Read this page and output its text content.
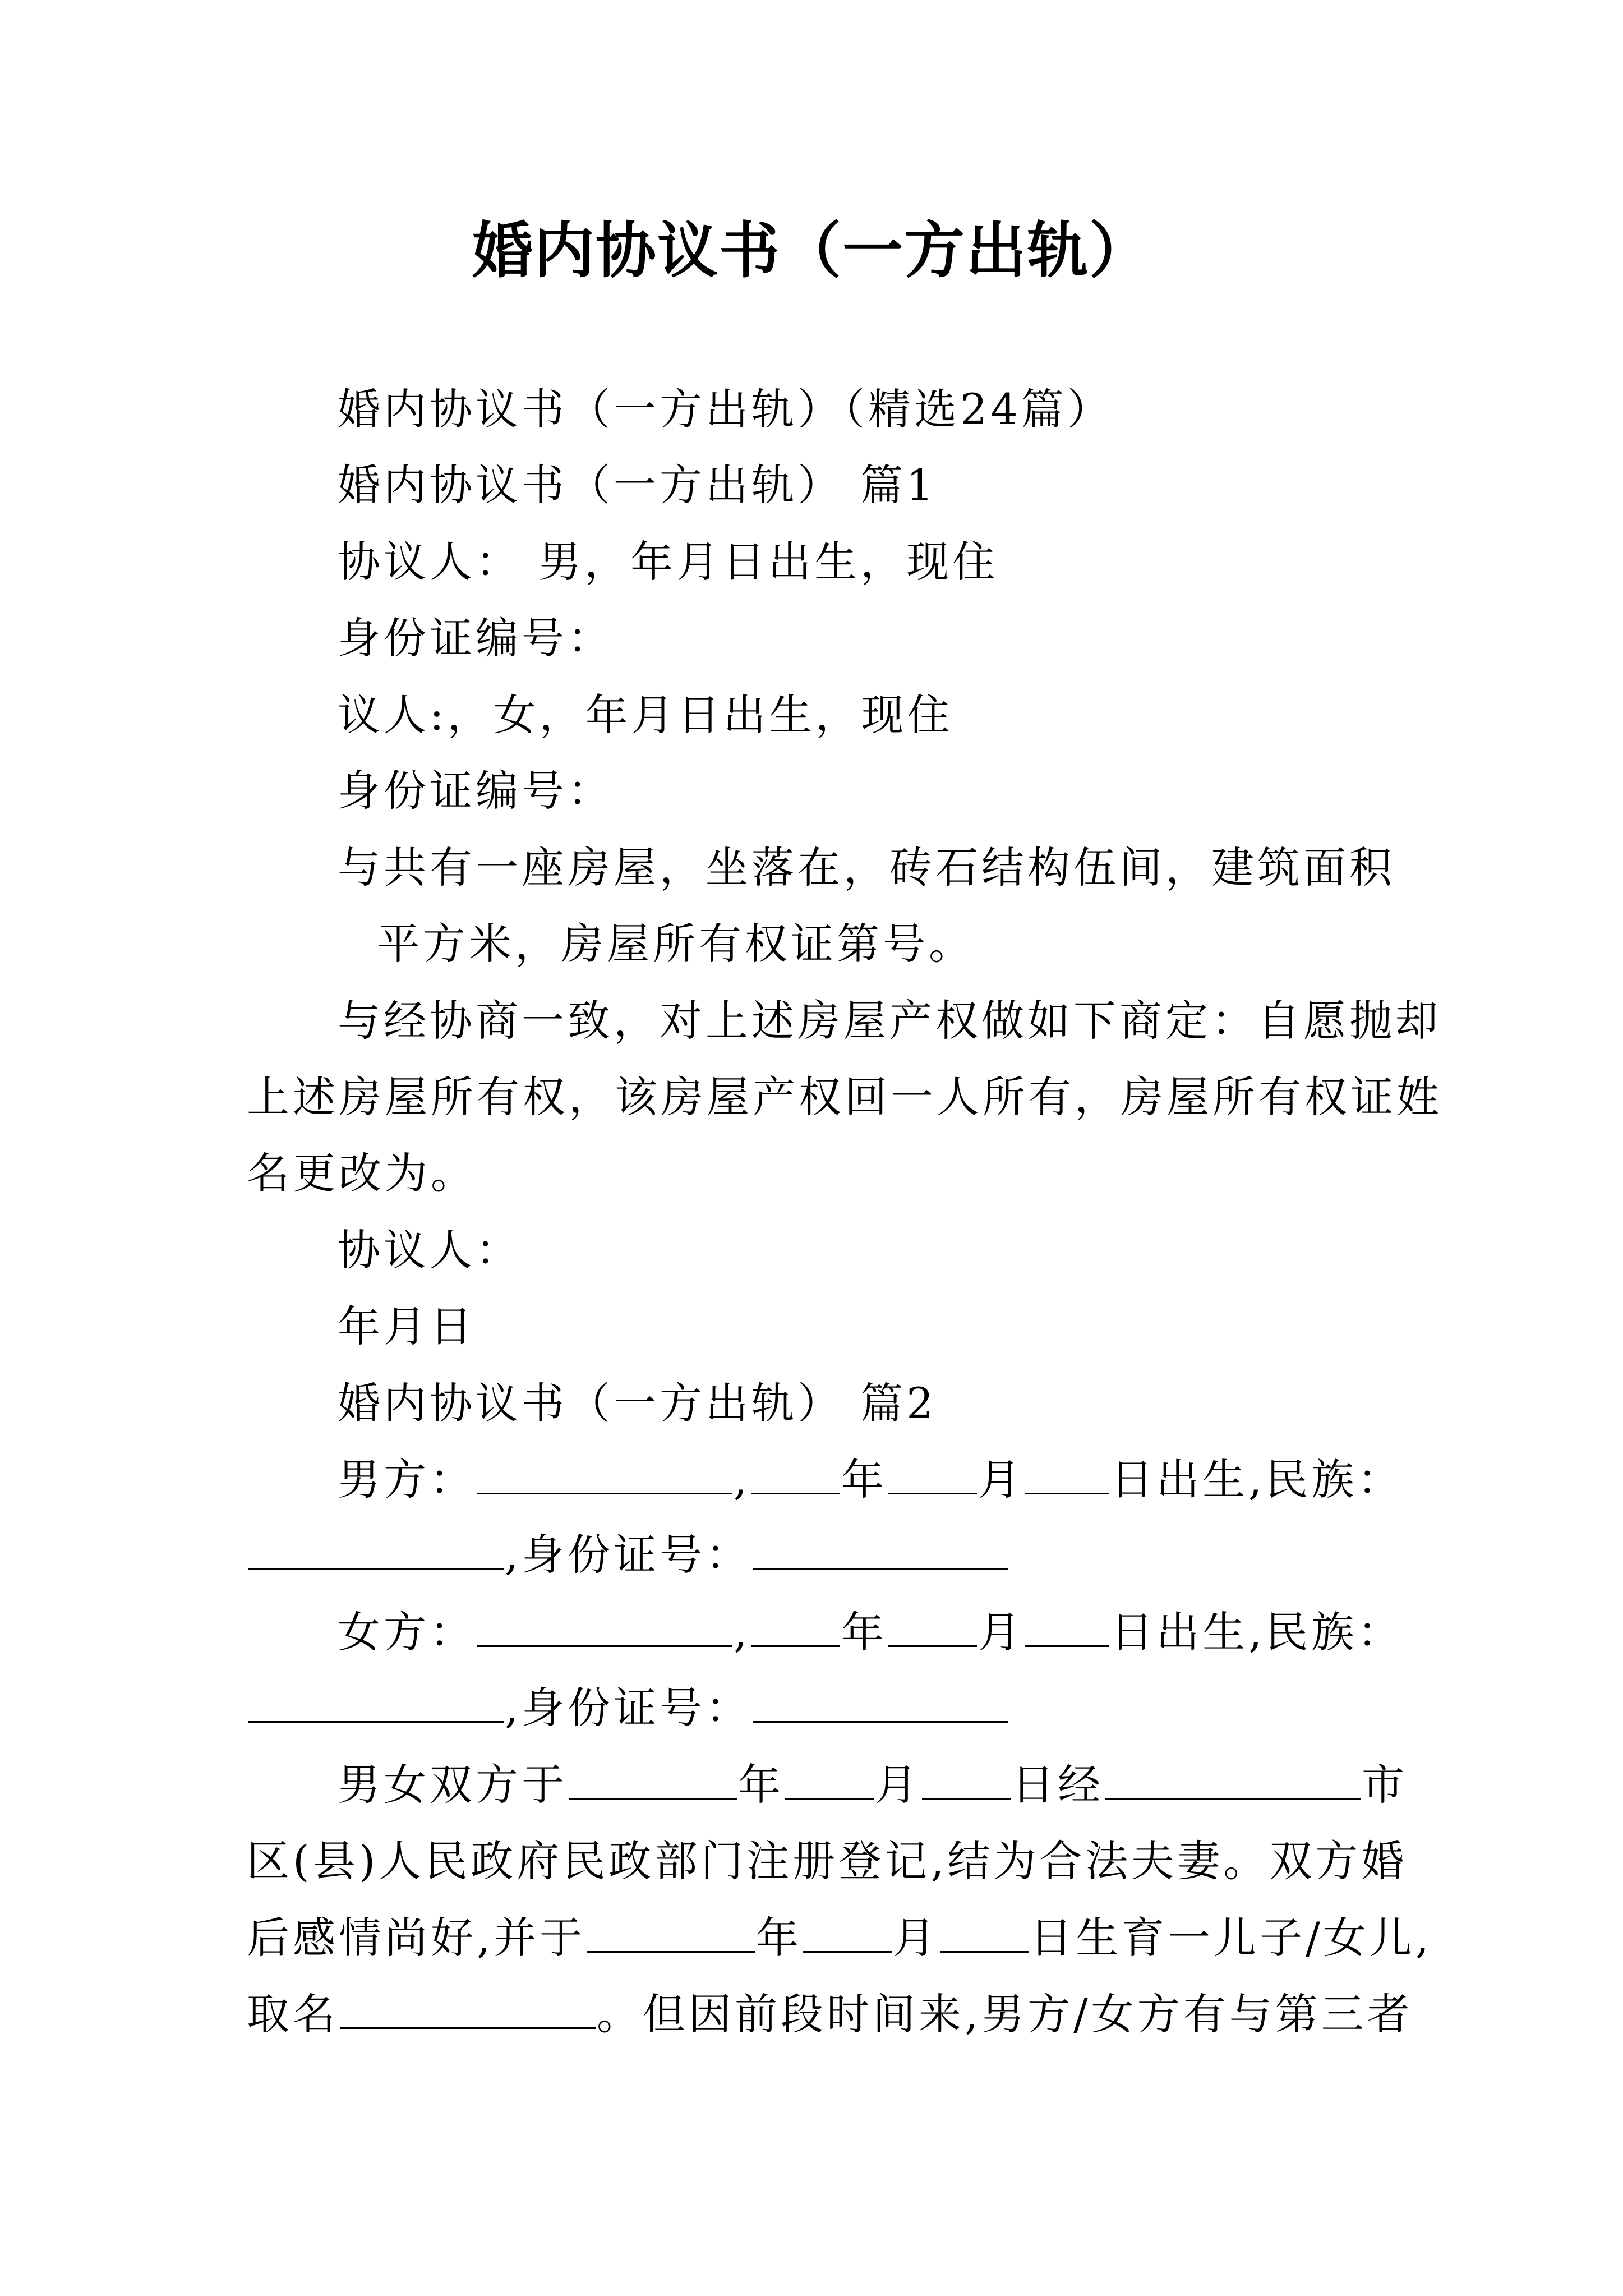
婚内协议书（一方出轨）
婚内协议书（一方出轨）（精选24篇）
婚内协议书（一方出轨） 篇1
协议人： 男，年月日出生，现住
身份证编号：
议人:，女，年月日出生，现住
身份证编号：
与共有一座房屋，坐落在，砖石结构伍间，建筑面积
平方米，房屋所有权证第号。
与经协商一致，对上述房屋产权做如下商定：自愿抛却
上述房屋所有权，该房屋产权回一人所有，房屋所有权证姓
名更改为。
协议人：
年月日
婚内协议书（一方出轨） 篇2
男方：	, 年 月 日出生,民族：
,身份证号：
女方：	, 年 月 日出生,民族：
,身份证号：
男女双方于	年 月 日经	市
区(县)人民政府民政部门注册登记,结为合法夫妻。双方婚
后感情尚好,并于	年 月 日生育一儿子/女儿,
取名	。但因前段时间来,男方/女方有与第三者
